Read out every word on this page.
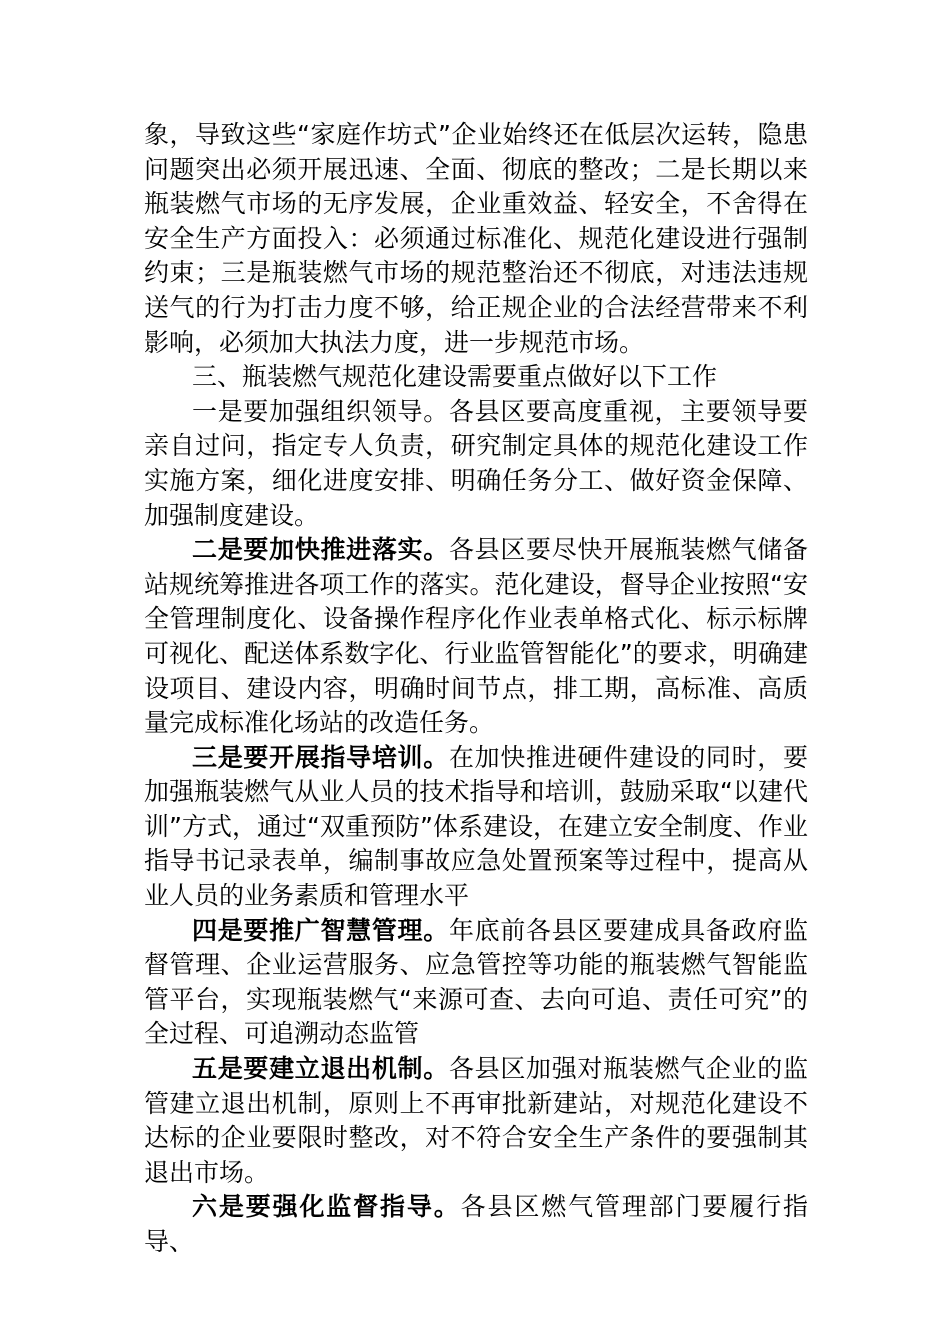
象，导致这些“家庭作坊式”企业始终还在低层次运转，隐患问题突出必须开展迅速、全面、彻底的整改；二是长期以来瓶装燃气市场的无序发展，企业重效益、轻安全，不舍得在安全生产方面投入：必须通过标准化、规范化建设进行强制约束；三是瓶装燃气市场的规范整治还不彻底，对违法违规送气的行为打击力度不够，给正规企业的合法经营带来不利影响，必须加大执法力度，进一步规范市场。

三、瓶装燃气规范化建设需要重点做好以下工作

一是要加强组织领导。各县区要高度重视，主要领导要亲自过问，指定专人负责，研究制定具体的规范化建设工作实施方案，细化进度安排、明确任务分工、做好资金保障、加强制度建设。

二是要加快推进落实。各县区要尽快开展瓶装燃气储备站规统筹推进各项工作的落实。范化建设，督导企业按照“安全管理制度化、设备操作程序化作业表单格式化、标示标牌可视化、配送体系数字化、行业监管智能化”的要求，明确建设项目、建设内容，明确时间节点，排工期，高标准、高质量完成标准化场站的改造任务。

三是要开展指导培训。在加快推进硬件建设的同时，要加强瓶装燃气从业人员的技术指导和培训，鼓励采取“以建代训”方式，通过“双重预防”体系建设，在建立安全制度、作业指导书记录表单，编制事故应急处置预案等过程中，提高从业人员的业务素质和管理水平

四是要推广智慧管理。年底前各县区要建成具备政府监督管理、企业运营服务、应急管控等功能的瓶装燃气智能监管平台，实现瓶装燃气“来源可查、去向可追、责任可究”的全过程、可追溯动态监管

五是要建立退出机制。各县区加强对瓶装燃气企业的监管建立退出机制，原则上不再审批新建站，对规范化建设不达标的企业要限时整改，对不符合安全生产条件的要强制其退出市场。

六是要强化监督指导。各县区燃气管理部门要履行指导、
